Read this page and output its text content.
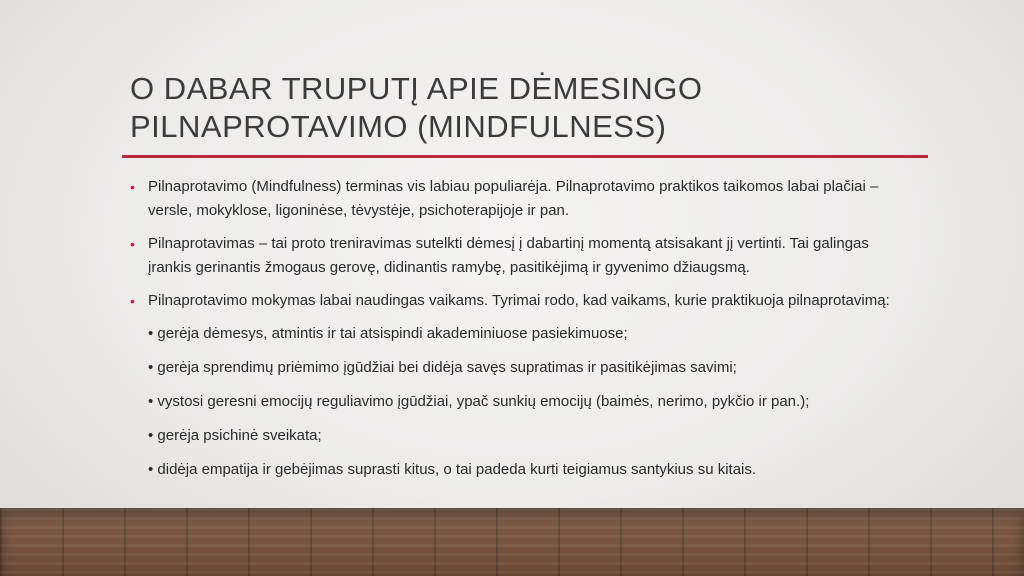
O DABAR TRUPUTĮ APIE DĖMESINGO
PILNAPROTAVIMO (MINDFULNESS)
• Pilnaprotavimo (Mindfulness) terminas vis labiau populiarėja. Pilnaprotavimo praktikos taikomos labai plačiai – versle, mokyklose, ligoninėse, tėvystėje, psichoterapijoje ir pan.
• Pilnaprotavimas – tai proto treniravimas sutelkti dėmesį į dabartinį momentą atsisakant jį vertinti. Tai galingas įrankis gerinantis žmogaus gerovę, didinantis ramybę, pasitikėjimą ir gyvenimo džiaugsmą.
• Pilnaprotavimo mokymas labai naudingas vaikams. Tyrimai rodo, kad vaikams, kurie praktikuoja pilnaprotavimą:

• gerėja dėmesys, atmintis ir tai atsispindi akademiniuose pasiekimuose;

• gerėja sprendimų priėmimo įgūdžiai bei didėja savęs supratimas ir pasitikėjimas savimi;

• vystosi geresni emocijų reguliavimo įgūdžiai, ypač sunkių emocijų (baimės, nerimo, pykčio ir pan.);

• gerėja psichinė sveikata;

• didėja empatija ir gebėjimas suprasti kitus, o tai padeda kurti teigiamus santykius su kitais.
